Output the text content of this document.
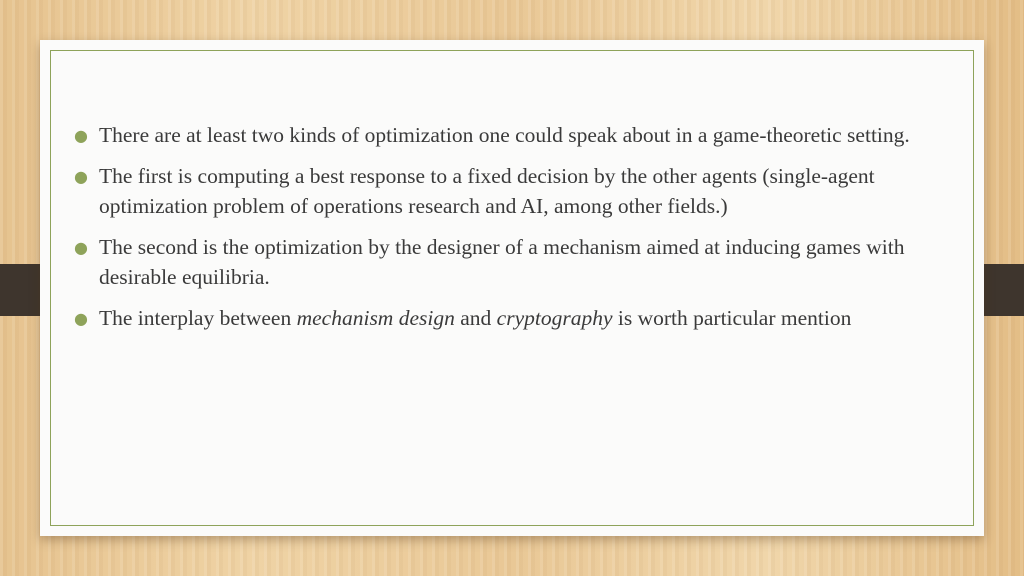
● There are at least two kinds of optimization one could speak about in a game-theoretic setting.
● The first is computing a best response to a fixed decision by the other agents (single-agent optimization problem of operations research and AI, among other fields.)
● The second is the optimization by the designer of a mechanism aimed at inducing games with desirable equilibria.
● The interplay between mechanism design and cryptography is worth particular mention
